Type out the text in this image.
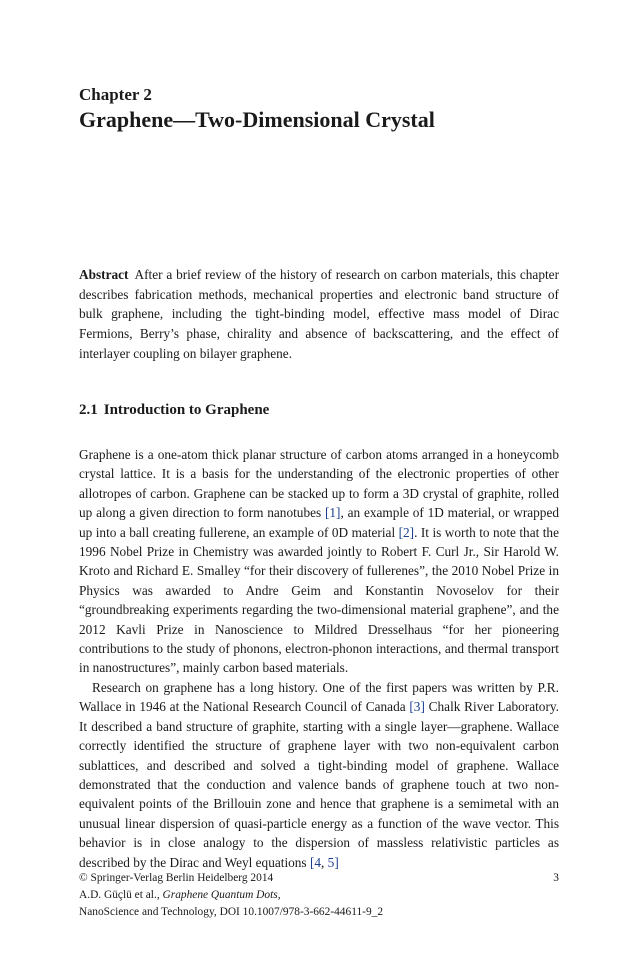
Chapter 2
Graphene—Two-Dimensional Crystal
Abstract After a brief review of the history of research on carbon materials, this chapter describes fabrication methods, mechanical properties and electronic band structure of bulk graphene, including the tight-binding model, effective mass model of Dirac Fermions, Berry’s phase, chirality and absence of backscattering, and the effect of interlayer coupling on bilayer graphene.
2.1 Introduction to Graphene

Graphene is a one-atom thick planar structure of carbon atoms arranged in a honeycomb crystal lattice. It is a basis for the understanding of the electronic properties of other allotropes of carbon. Graphene can be stacked up to form a 3D crystal of graphite, rolled up along a given direction to form nanotubes [1], an example of 1D material, or wrapped up into a ball creating fullerene, an example of 0D material [2]. It is worth to note that the 1996 Nobel Prize in Chemistry was awarded jointly to Robert F. Curl Jr., Sir Harold W. Kroto and Richard E. Smalley “for their discovery of fullerenes”, the 2010 Nobel Prize in Physics was awarded to Andre Geim and Konstantin Novoselov for their “groundbreaking experiments regarding the two-dimensional material graphene”, and the 2012 Kavli Prize in Nanoscience to Mildred Dresselhaus “for her pioneering contributions to the study of phonons, electron-phonon interactions, and thermal transport in nanostructures”, mainly carbon based materials.

Research on graphene has a long history. One of the first papers was written by P.R. Wallace in 1946 at the National Research Council of Canada [3] Chalk River Laboratory. It described a band structure of graphite, starting with a single layer—graphene. Wallace correctly identified the structure of graphene layer with two non-equivalent carbon sublattices, and described and solved a tight-binding model of graphene. Wallace demonstrated that the conduction and valence bands of graphene touch at two non-equivalent points of the Brillouin zone and hence that graphene is a semimetal with an unusual linear dispersion of quasi-particle energy as a function of the wave vector. This behavior is in close analogy to the dispersion of massless relativistic particles as described by the Dirac and Weyl equations [4, 5]

© Springer-Verlag Berlin Heidelberg 2014	3
A.D. Güçlü et al., Graphene Quantum Dots,
NanoScience and Technology, DOI 10.1007/978-3-662-44611-9_2
